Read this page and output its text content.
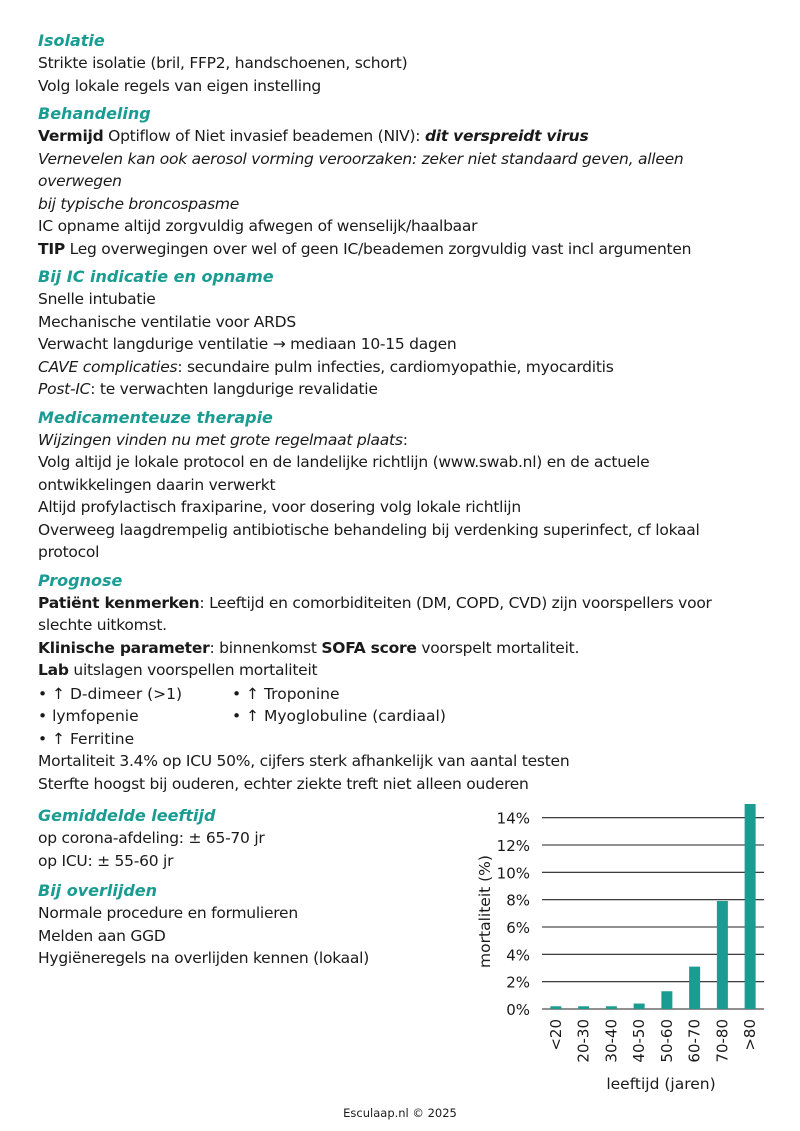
Isolatie
Strikte isolatie (bril, FFP2, handschoenen, schort)
Volg lokale regels van eigen instelling
Behandeling
Vermijd Optiflow of Niet invasief beademen (NIV): dit verspreidt virus
Vernevelen kan ook aerosol vorming veroorzaken: zeker niet standaard geven, alleen overwegen
bij typische broncospasme
IC opname altijd zorgvuldig afwegen of wenselijk/haalbaar
TIP Leg overwegingen over wel of geen IC/beademen zorgvuldig vast incl argumenten
Bij IC indicatie en opname
Snelle intubatie
Mechanische ventilatie voor ARDS
Verwacht langdurige ventilatie → mediaan 10-15 dagen
CAVE complicaties: secundaire pulm infecties, cardiomyopathie, myocarditis
Post-IC: te verwachten langdurige revalidatie
Medicamenteuze therapie
Wijzingen vinden nu met grote regelmaat plaats:
Volg altijd je lokale protocol en de landelijke richtlijn (www.swab.nl) en de actuele
ontwikkelingen daarin verwerkt
Altijd profylactisch fraxiparine, voor dosering volg lokale richtlijn
Overweeg laagdrempelig antibiotische behandeling bij verdenking superinfect, cf lokaal
protocol
Prognose
Patiënt kenmerken: Leeftijd en comorbiditeiten (DM, COPD, CVD) zijn voorspellers voor
slechte uitkomst.
Klinische parameter: binnenkomst SOFA score voorspelt mortaliteit.
Lab uitslagen voorspellen mortaliteit
• ↑ D-dimeer (>1)	• ↑ Troponine
• lymfopenie	• ↑ Myoglobuline (cardiaal)
• ↑ Ferritine
Mortaliteit 3.4% op ICU 50%, cijfers sterk afhankelijk van aantal testen
Sterfte hoogst bij ouderen, echter ziekte treft niet alleen ouderen
Gemiddelde leeftijd
op corona-afdeling: ± 65-70 jr
op ICU: ± 55-60 jr
Bij overlijden
Normale procedure en formulieren
Melden aan GGD
Hygiëneregels na overlijden kennen (lokaal)
0%
2%
4%
6%
8%
10%
12%
14%
<20 20-30 30-40 40-50 50-60 60-70 70-80 >80
leeftijd (jaren)
mortaliteit (%)
Esculaap.nl © 2025
